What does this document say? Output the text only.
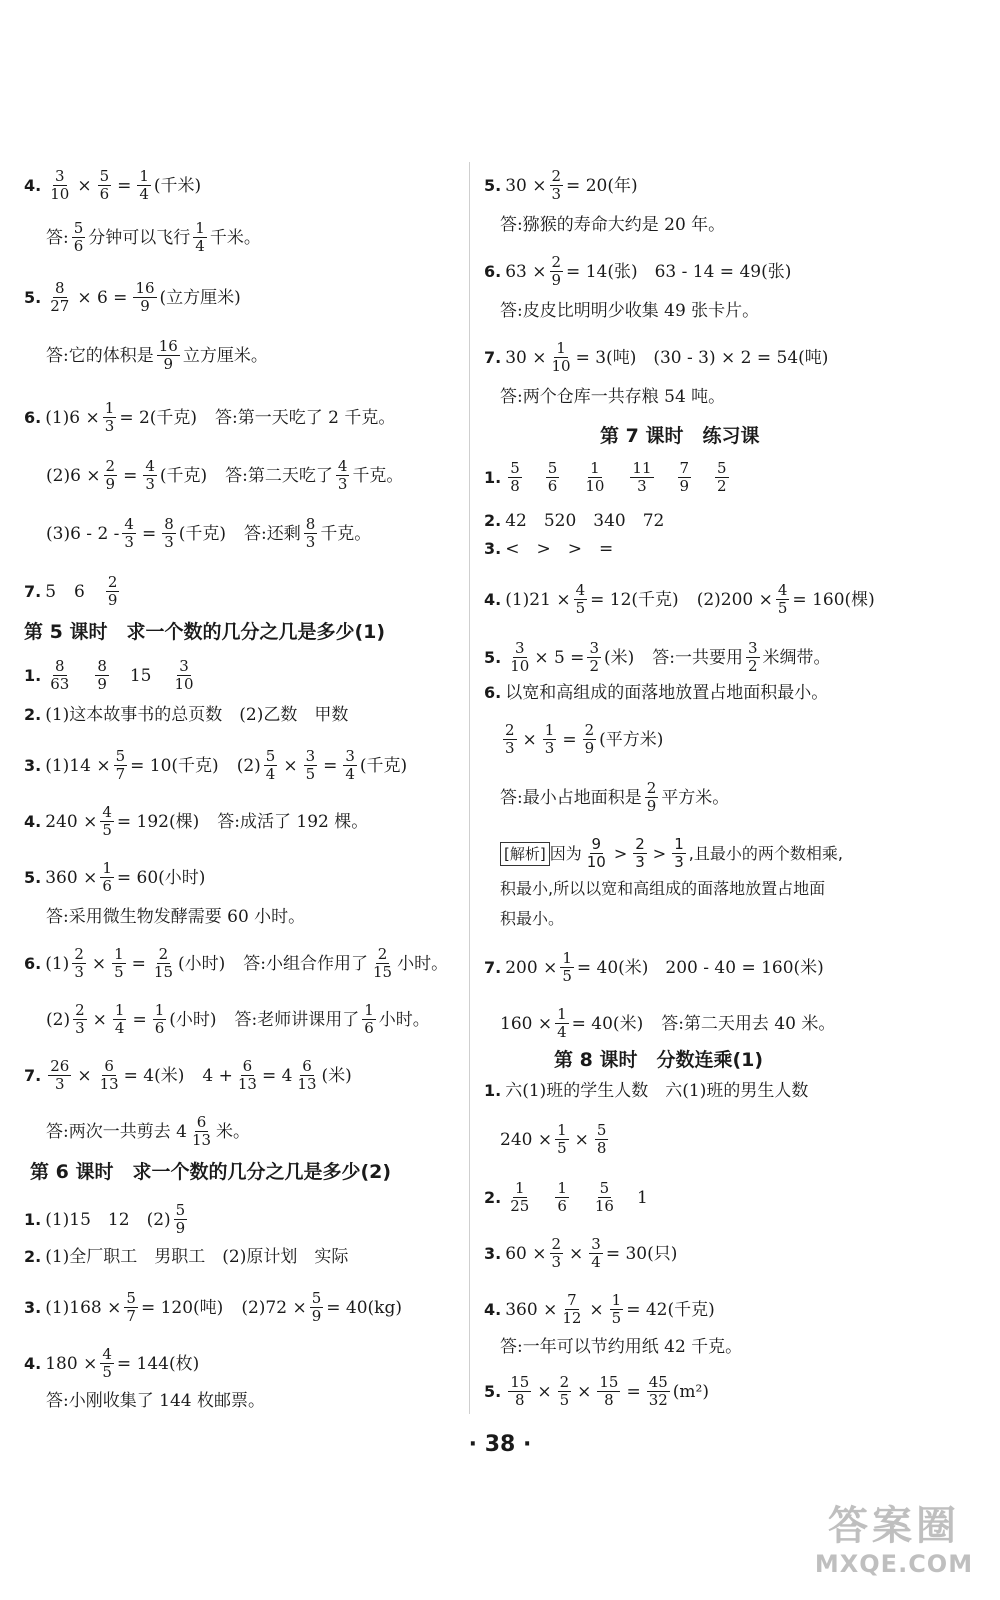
4. $\frac{3}{10} \times \frac{5}{6} = \frac{1}{4}$ (千米)
答: $\frac{5}{6}$ 分钟可以飞行 $\frac{1}{4}$ 千米。
5. $\frac{8}{27} \times 6 = \frac{16}{9}$ (立方厘米)
答:它的体积是 $\frac{16}{9}$ 立方厘米。
6. $(1)6 \times \frac{1}{3} = 2$(千克) 答:第一天吃了 2 千克。
$(2)6 \times \frac{2}{9} = \frac{4}{3}$ (千克) 答:第二天吃了 $\frac{4}{3}$ 千克。
$(3)6 - 2 - \frac{4}{3} = \frac{8}{3}$ (千克) 答:还剩 $\frac{8}{3}$ 千克。
7. 5 $6 \frac{2}{9}$
第 5 课时　求一个数的几分之几是多少(1)
1. $\frac{8}{63} \frac{8}{9} 15 \frac{3}{10}$
2. (1)这本故事书的总页数　(2)乙数　甲数
3. $(1)14 \times \frac{5}{7} = 10$(千克) $(2) \frac{5}{4} \times \frac{3}{5} = \frac{3}{4}$ (千克)
4. $240 \times \frac{4}{5} = 192$(棵) 答:成活了 192 棵。
5. $360 \times \frac{1}{6} = 60$(小时)
答:采用微生物发酵需要 60 小时。
6. $(1) \frac{2}{3} \times \frac{1}{5} = \frac{2}{15}$ (小时) 答:小组合作用了 $\frac{2}{15}$ 小时。
$(2) \frac{2}{3} \times \frac{1}{4} = \frac{1}{6}$ (小时) 答:老师讲课用了 $\frac{1}{6}$ 小时。
7. $\frac{26}{3} \times \frac{6}{13} = 4$(米) $4 + \frac{6}{13} = 4 \frac{6}{13}$ (米)
答:两次一共剪去 $4 \frac{6}{13}$ 米。
第 6 课时　求一个数的几分之几是多少(2)
1. (1)15　12　$(2) \frac{5}{9}$
2. (1)全厂职工　男职工　(2)原计划　实际
3. $(1)168 \times \frac{5}{7} = 120$(吨) $(2)72 \times \frac{5}{9} = 40(kg)$
4. $180 \times \frac{4}{5} = 144$(枚)
答:小刚收集了 144 枚邮票。
5. $30 \times \frac{2}{3} = 20$(年)
答:猕猴的寿命大约是 20 年。
6. $63 \times \frac{2}{9} = 14$(张)　63 - 14 = 49(张)
答:皮皮比明明少收集 49 张卡片。
7. $30 \times \frac{1}{10} = 3$(吨)　(30 - 3) × 2 = 54(吨)
答:两个仓库一共存粮 54 吨。
第 7 课时　练习课
1. $\frac{5}{8} \frac{5}{6} \frac{1}{10} \frac{11}{3} \frac{7}{9} \frac{5}{2}$
2. 42　520　340　72
3. <　>　>　=
4. $(1)21 \times \frac{4}{5} = 12$(千克) $(2)200 \times \frac{4}{5} = 160$(棵)
5. $\frac{3}{10} \times 5 = \frac{3}{2}$ (米) 答:一共要用 $\frac{3}{2}$ 米绸带。
6. 以宽和高组成的面落地放置占地面积最小。
$\frac{2}{3} \times \frac{1}{3} = \frac{2}{9}$ (平方米)
答:最小占地面积是 $\frac{2}{9}$ 平方米。
[解析] 因为 $\frac{9}{10} > \frac{2}{3} > \frac{1}{3}$ ,且最小的两个数相乘,
积最小,所以以宽和高组成的面落地放置占地面
积最小。
7. $200 \times \frac{1}{5} = 40$(米)　200 - 40 = 160(米)
$160 \times \frac{1}{4} = 40$(米) 答:第二天用去 40 米。
第 8 课时　分数连乘(1)
1. 六(1)班的学生人数　六(1)班的男生人数
$240 \times \frac{1}{5} \times \frac{5}{8}$
2. $\frac{1}{25} \frac{1}{6} \frac{5}{16} 1$
3. $60 \times \frac{2}{3} \times \frac{3}{4} = 30$(只)
4. $360 \times \frac{7}{12} \times \frac{1}{5} = 42$(千克)
答:一年可以节约用纸 42 千克。
5. $\frac{15}{8} \times \frac{2}{5} \times \frac{15}{8} = \frac{45}{32} (m^2)$
· 38 ·
答案圈
MXQE.COM
